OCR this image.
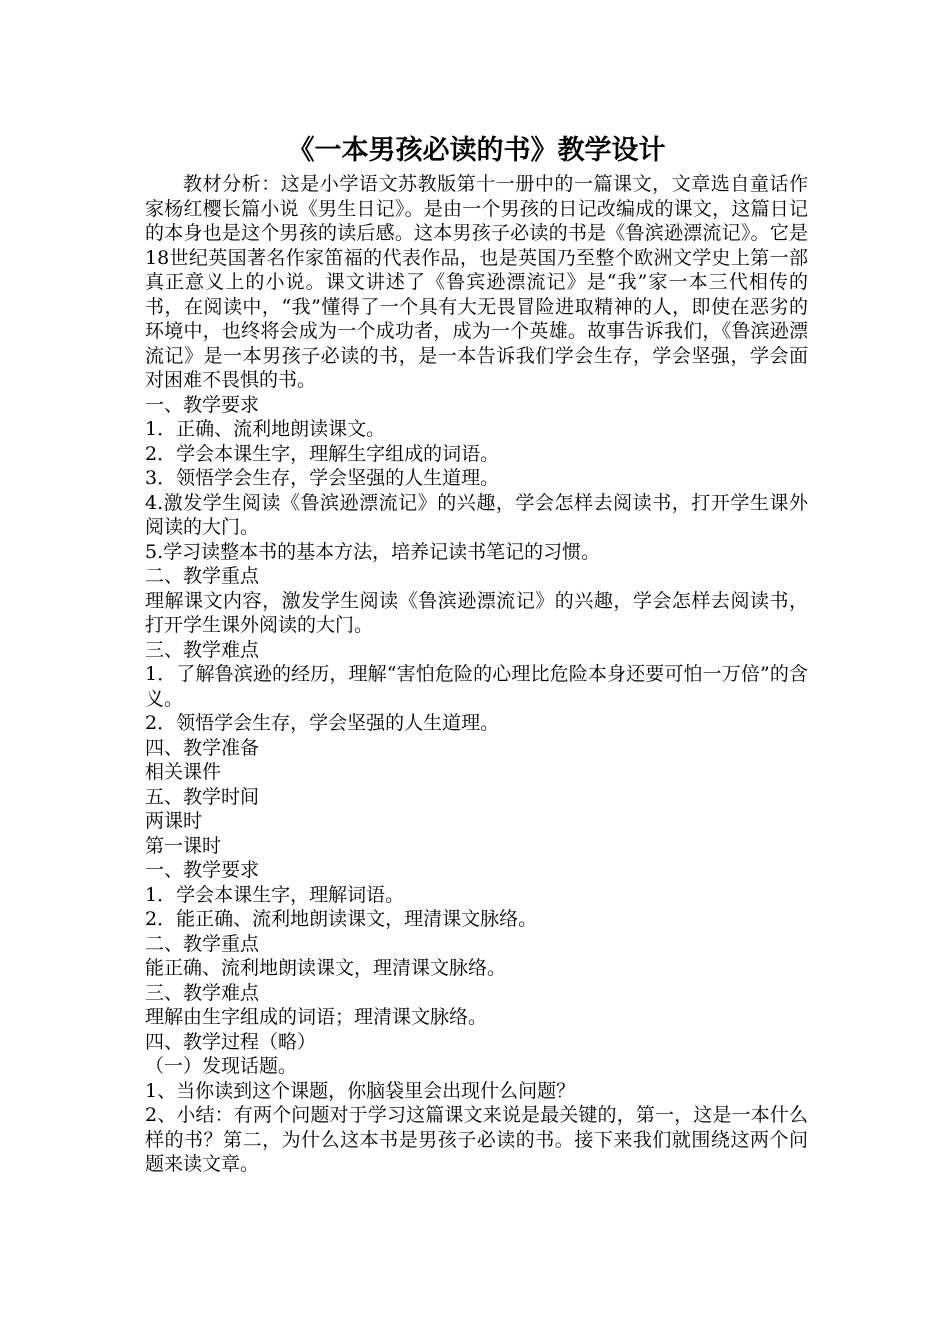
《一本男孩必读的书》教学设计

教材分析：这是小学语文苏教版第十一册中的一篇课文，文章选自童话作家杨红樱长篇小说《男生日记》。是由一个男孩的日记改编成的课文，这篇日记的本身也是这个男孩的读后感。这本男孩子必读的书是《鲁滨逊漂流记》。它是18世纪英国著名作家笛福的代表作品，也是英国乃至整个欧洲文学史上第一部真正意义上的小说。课文讲述了《鲁宾逊漂流记》是“我”家一本三代相传的书，在阅读中，“我”懂得了一个具有大无畏冒险进取精神的人，即使在恶劣的环境中，也终将会成为一个成功者，成为一个英雄。故事告诉我们，《鲁滨逊漂流记》是一本男孩子必读的书，是一本告诉我们学会生存，学会坚强，学会面对困难不畏惧的书。

一、教学要求

1．正确、流利地朗读课文。

2．学会本课生字，理解生字组成的词语。

3．领悟学会生存，学会坚强的人生道理。

4.激发学生阅读《鲁滨逊漂流记》的兴趣，学会怎样去阅读书，打开学生课外阅读的大门。

5.学习读整本书的基本方法，培养记读书笔记的习惯。

二、教学重点

理解课文内容，激发学生阅读《鲁滨逊漂流记》的兴趣，学会怎样去阅读书，打开学生课外阅读的大门。

三、教学难点

1．了解鲁滨逊的经历，理解“害怕危险的心理比危险本身还要可怕一万倍”的含义。

2．领悟学会生存，学会坚强的人生道理。

四、教学准备

相关课件

五、教学时间

两课时

第一课时

一、教学要求

1．学会本课生字，理解词语。

2．能正确、流利地朗读课文，理清课文脉络。

二、教学重点

能正确、流利地朗读课文，理清课文脉络。

三、教学难点

理解由生字组成的词语；理清课文脉络。

四、教学过程（略）

（一）发现话题。

1、当你读到这个课题，你脑袋里会出现什么问题？

2、小结：有两个问题对于学习这篇课文来说是最关键的，第一，这是一本什么样的书？第二，为什么这本书是男孩子必读的书。接下来我们就围绕这两个问题来读文章。
